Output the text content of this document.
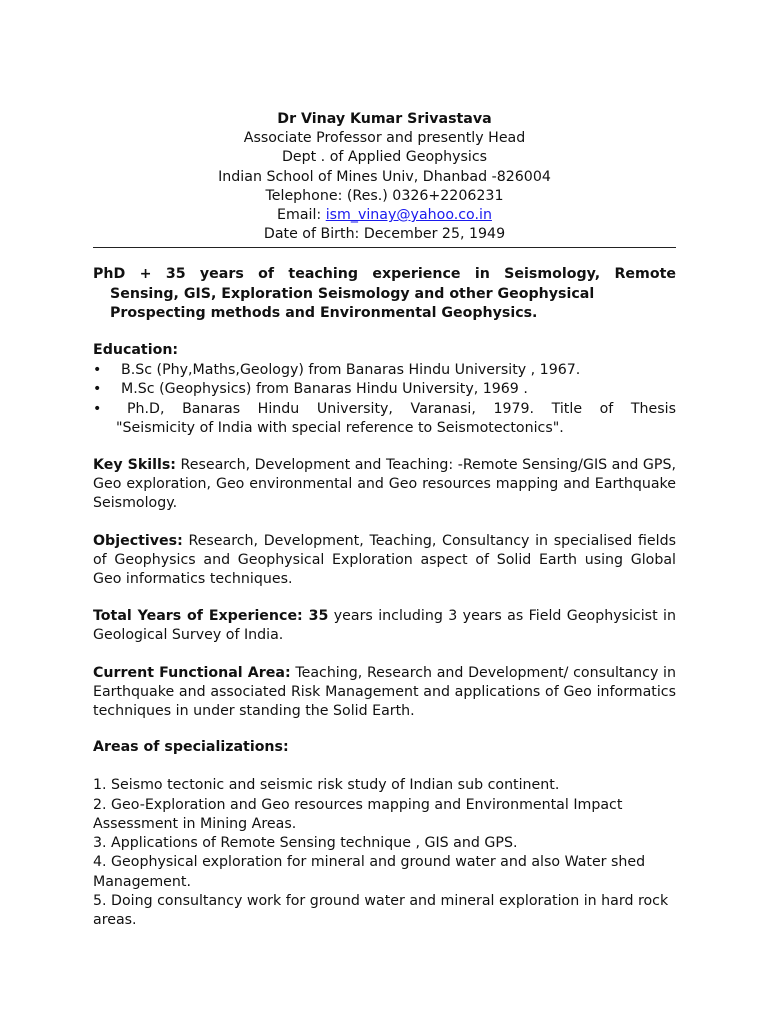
Dr Vinay Kumar Srivastava
Associate Professor and presently Head
Dept . of Applied Geophysics
Indian School of Mines Univ, Dhanbad -826004
Telephone: (Res.) 0326+2206231
Email: ism_vinay@yahoo.co.in
Date of Birth: December 25, 1949
PhD + 35 years of teaching experience in Seismology, Remote
Sensing, GIS, Exploration Seismology and other Geophysical
Prospecting methods and Environmental Geophysics.
Education:
• B.Sc (Phy,Maths,Geology) from Banaras Hindu University , 1967.
• M.Sc (Geophysics) from Banaras Hindu University, 1969 .
•	Ph.D, Banaras Hindu University, Varanasi, 1979. Title of Thesis
"Seismicity of India with special reference to Seismotectonics".

Key Skills: Research, Development and Teaching: -Remote Sensing/GIS and GPS, Geo exploration, Geo environmental and Geo resources mapping and Earthquake Seismology.

Objectives: Research, Development, Teaching, Consultancy in specialised fields of Geophysics and Geophysical Exploration aspect of Solid Earth using Global Geo informatics techniques.

Total Years of Experience: 35 years including 3 years as Field Geophysicist in Geological Survey of India.

Current Functional Area: Teaching, Research and Development/ consultancy in Earthquake and associated Risk Management and applications of Geo informatics techniques in under standing the Solid Earth.

Areas of specializations:
1. Seismo tectonic and seismic risk study of Indian sub continent.
2. Geo-Exploration and Geo resources mapping and Environmental Impact Assessment in Mining Areas.
3. Applications of Remote Sensing technique , GIS and GPS.
4. Geophysical exploration for mineral and ground water and also Water shed Management.
5. Doing consultancy work for ground water and mineral exploration in hard rock areas.
